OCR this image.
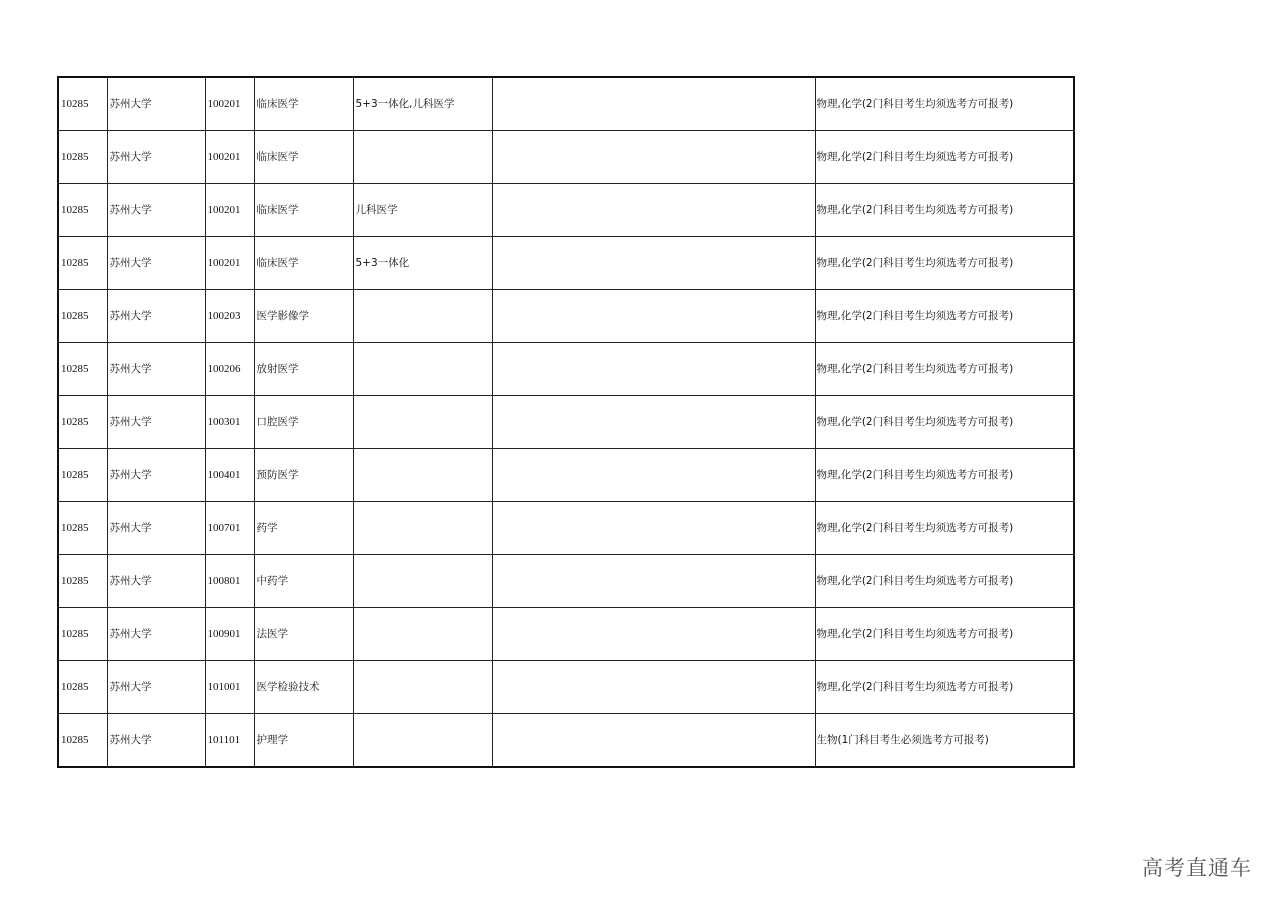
10285	苏州大学	100201	临床医学	5+3一体化,儿科医学		物理,化学(2门科目考生均须选考方可报考)
10285	苏州大学	100201	临床医学			物理,化学(2门科目考生均须选考方可报考)
10285	苏州大学	100201	临床医学	儿科医学		物理,化学(2门科目考生均须选考方可报考)
10285	苏州大学	100201	临床医学	5+3一体化		物理,化学(2门科目考生均须选考方可报考)
10285	苏州大学	100203	医学影像学			物理,化学(2门科目考生均须选考方可报考)
10285	苏州大学	100206	放射医学			物理,化学(2门科目考生均须选考方可报考)
10285	苏州大学	100301	口腔医学			物理,化学(2门科目考生均须选考方可报考)
10285	苏州大学	100401	预防医学			物理,化学(2门科目考生均须选考方可报考)
10285	苏州大学	100701	药学			物理,化学(2门科目考生均须选考方可报考)
10285	苏州大学	100801	中药学			物理,化学(2门科目考生均须选考方可报考)
10285	苏州大学	100901	法医学			物理,化学(2门科目考生均须选考方可报考)
10285	苏州大学	101001	医学检验技术			物理,化学(2门科目考生均须选考方可报考)
10285	苏州大学	101101	护理学			生物(1门科目考生必须选考方可报考)
高考直通车
